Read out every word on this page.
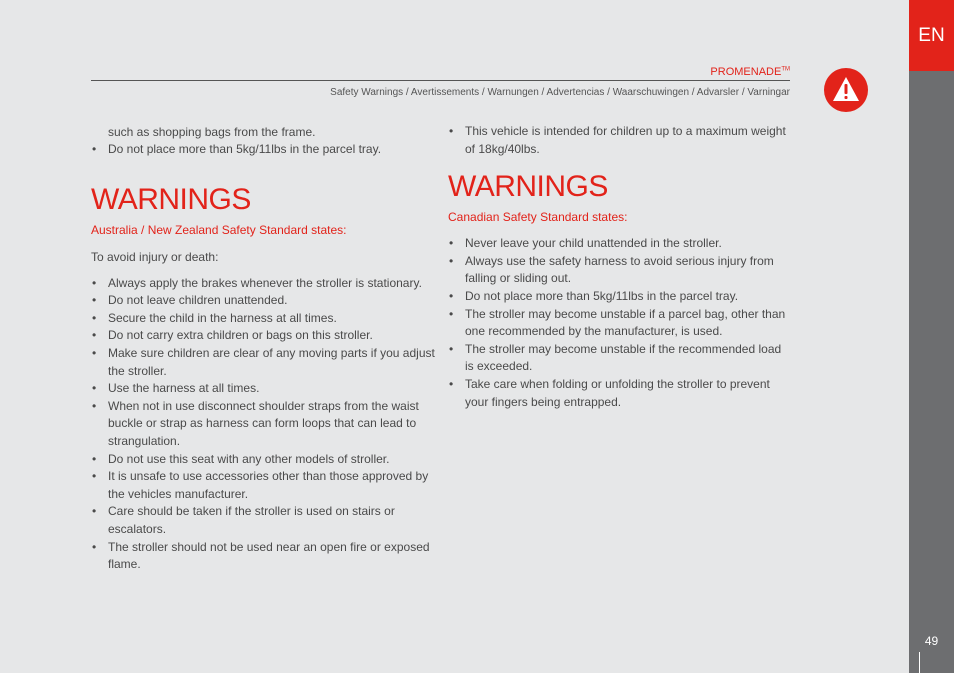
EN
49
PROMENADE™
Safety Warnings / Avertissements / Warnungen / Advertencias / Waarschuwingen / Advarsler / Varningar

such as shopping bags from the frame.

• Do not place more than 5kg/11lbs in the parcel tray.
WARNINGS
Australia / New Zealand Safety Standard states:

To avoid injury or death:

• Always apply the brakes whenever the stroller is stationary.
• Do not leave children unattended.
• Secure the child in the harness at all times.
• Do not carry extra children or bags on this stroller.
• Make sure children are clear of any moving parts if you adjust the stroller.
• Use the harness at all times.
• When not in use disconnect shoulder straps from the waist buckle or strap as harness can form loops that can lead to strangulation.
• Do not use this seat with any other models of stroller.
• It is unsafe to use accessories other than those approved by the vehicles manufacturer.
• Care should be taken if the stroller is used on stairs or escalators.
• The stroller should not be used near an open fire or exposed flame.
• This vehicle is intended for children up to a maximum weight of 18kg/40lbs.
WARNINGS
Canadian Safety Standard states:
• Never leave your child unattended in the stroller.
• Always use the safety harness to avoid serious injury from falling or sliding out.
• Do not place more than 5kg/11lbs in the parcel tray.
• The stroller may become unstable if a parcel bag, other than one recommended by the manufacturer, is used.
• The stroller may become unstable if the recommended load is exceeded.
• Take care when folding or unfolding the stroller to prevent your fingers being entrapped.
